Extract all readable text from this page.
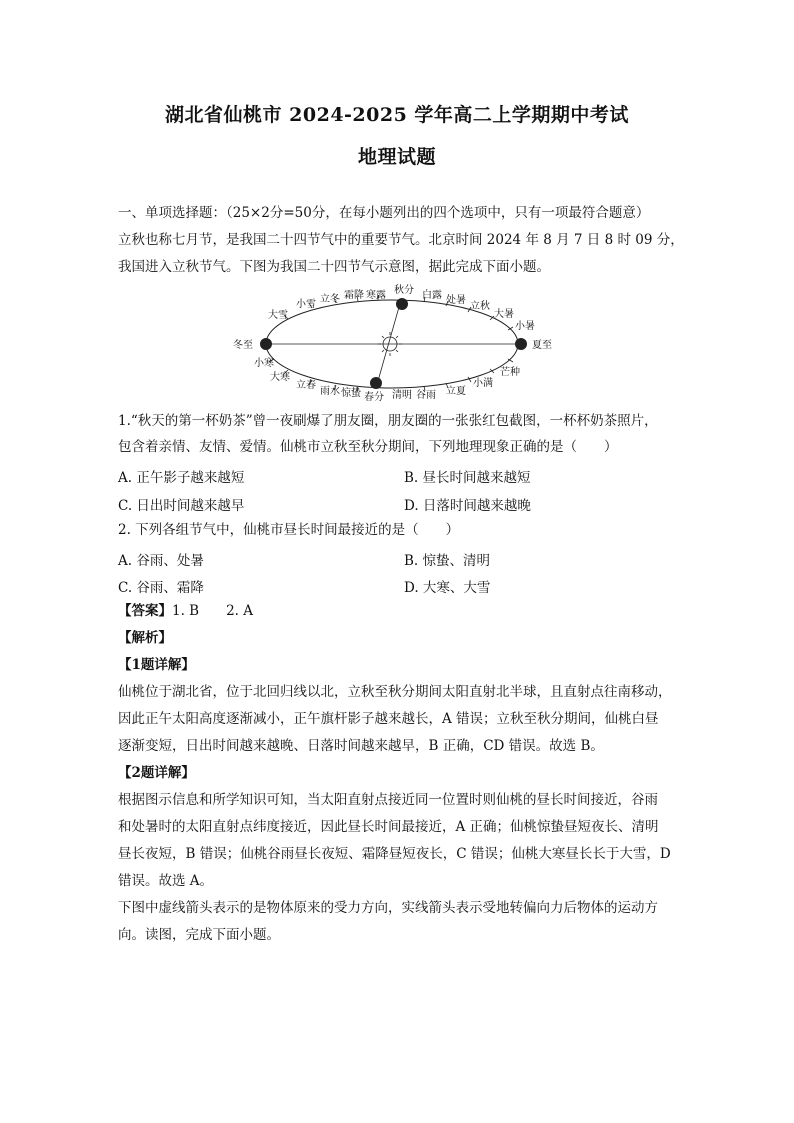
湖北省仙桃市 2024-2025 学年高二上学期期中考试
地理试题
一、单项选择题：（25×2分=50分，在每小题列出的四个选项中，只有一项最符合题意）
立秋也称七月节，是我国二十四节气中的重要节气。北京时间 2024 年 8 月 7 日 8 时 09 分，
我国进入立秋节气。下图为我国二十四节气示意图，据此完成下面小题。
冬至	夏至
秋分
春分
大雪
小雪 立冬 霜降 寒露	白露 处暑
立秋
大暑
小暑
小寒
大寒
立春
雨水 惊蛰	清明 谷雨 立夏
小满
芒种
1.“秋天的第一杯奶茶”曾一夜刷爆了朋友圈，朋友圈的一张张红包截图，一杯杯奶茶照片，
包含着亲情、友情、爱情。仙桃市立秋至秋分期间，下列地理现象正确的是（　　）
A. 正午影子越来越短	B. 昼长时间越来越短
C. 日出时间越来越早	D. 日落时间越来越晚
2. 下列各组节气中，仙桃市昼长时间最接近的是（　　）
A. 谷雨、处暑	B. 惊蛰、清明
C. 谷雨、霜降	D. 大寒、大雪
【答案】1. B　　2. A
【解析】
【1题详解】
仙桃位于湖北省，位于北回归线以北，立秋至秋分期间太阳直射北半球，且直射点往南移动，
因此正午太阳高度逐渐减小，正午旗杆影子越来越长，A 错误；立秋至秋分期间，仙桃白昼
逐渐变短，日出时间越来越晚、日落时间越来越早，B 正确，CD 错误。故选 B。
【2题详解】
根据图示信息和所学知识可知，当太阳直射点接近同一位置时则仙桃的昼长时间接近，谷雨
和处暑时的太阳直射点纬度接近，因此昼长时间最接近，A 正确；仙桃惊蛰昼短夜长、清明
昼长夜短，B 错误；仙桃谷雨昼长夜短、霜降昼短夜长，C 错误；仙桃大寒昼长长于大雪，D
错误。故选 A。
下图中虚线箭头表示的是物体原来的受力方向，实线箭头表示受地转偏向力后物体的运动方
向。读图，完成下面小题。
